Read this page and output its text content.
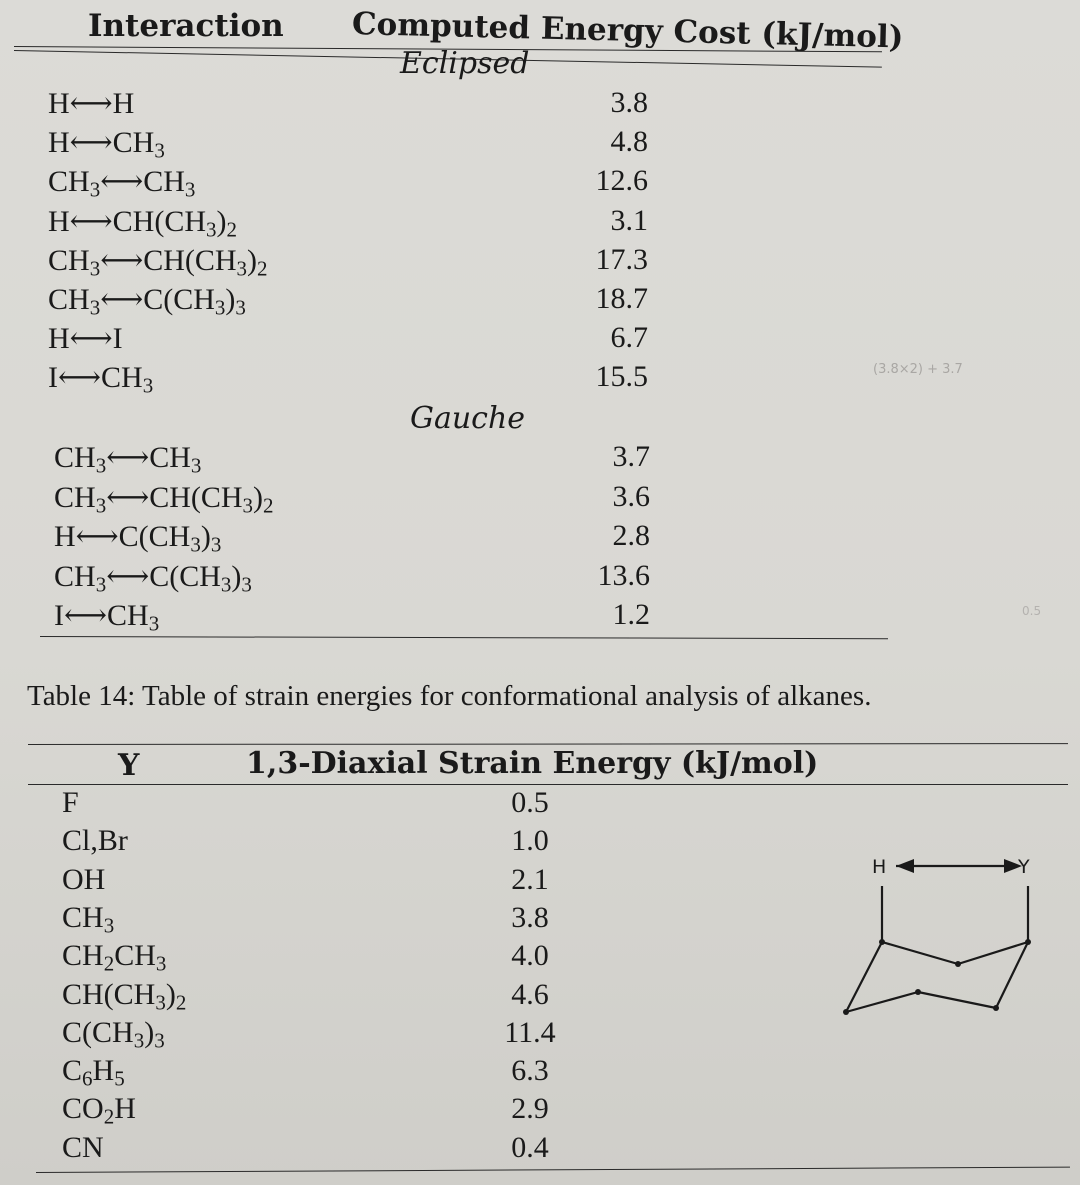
Interaction Computed Energy Cost (kJ/mol)
Eclipsed
H⟷H	3.8
$H⟷CH_3$	4.8
$CH_3⟷CH_3$	12.6
$H⟷CH(CH_3)_2$	3.1
$CH_3⟷CH(CH_3)_2$	17.3
$CH_3⟷C(CH_3)_3$	18.7
H⟷I	6.7
$I⟷CH_3$	15.5
Gauche
$CH_3⟷CH_3$	3.7
$CH_3⟷CH(CH_3)_2$	3.6
$H⟷C(CH_3)_3$	2.8
$CH_3⟷C(CH_3)_3$	13.6
$I⟷CH_3$	1.2
(3.8×2) + 3.7
0.5
Table 14: Table of strain energies for conformational analysis of alkanes.
Y	1,3-Diaxial Strain Energy (kJ/mol)
F	0.5
Cl,Br	1.0
OH	2.1
$CH_3$	3.8
$CH_2CH_3$	4.0
$CH(CH_3)_2$	4.6
$C(CH_3)_3$	11.4
$C_6H_5$	6.3
$CO_2H$	2.9
CN	0.4
H	Y
